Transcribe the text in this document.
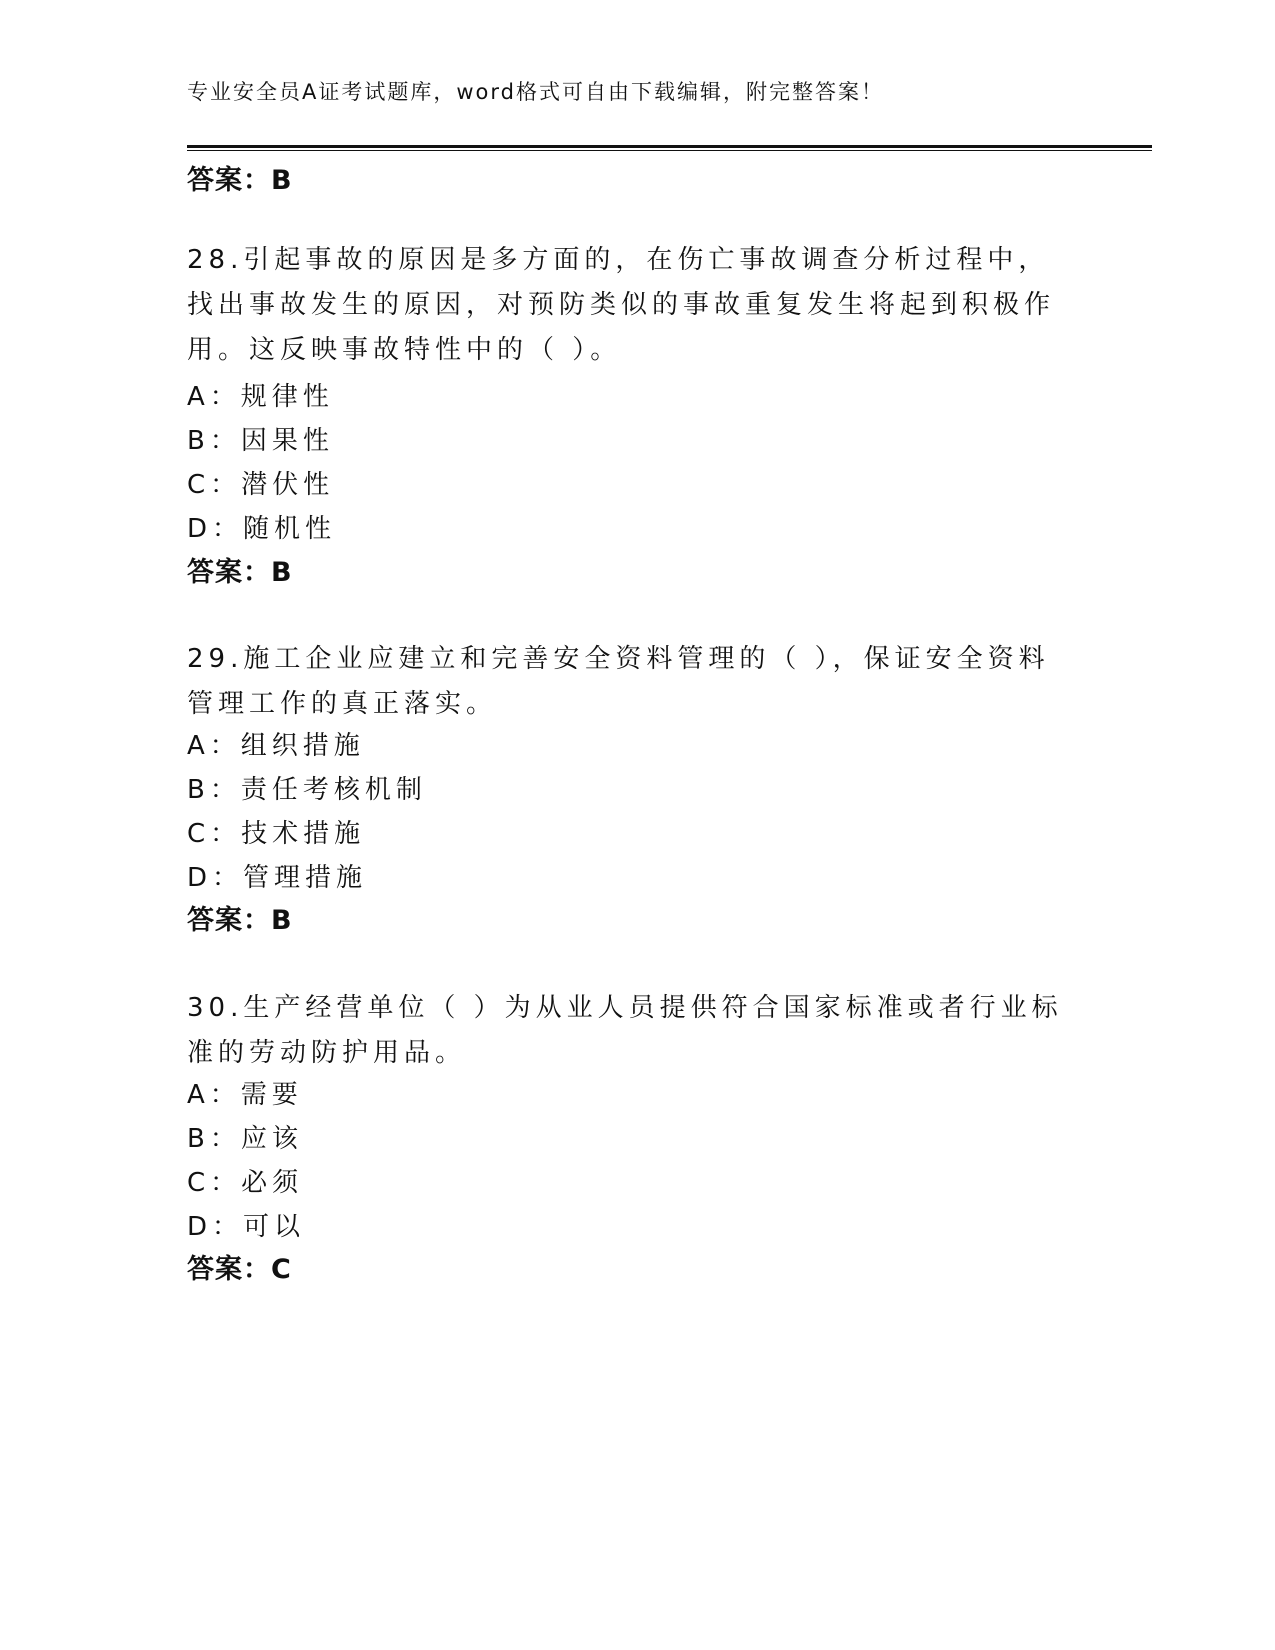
专业安全员A证考试题库，word格式可自由下载编辑，附完整答案！
答案：B
28.引起事故的原因是多方面的，在伤亡事故调查分析过程中，找出事故发生的原因，对预防类似的事故重复发生将起到积极作用。这反映事故特性中的（ ）。
A：规律性
B：因果性
C：潜伏性
D：随机性
答案：B
29.施工企业应建立和完善安全资料管理的（ ），保证安全资料管理工作的真正落实。
A：组织措施
B：责任考核机制
C：技术措施
D：管理措施
答案：B
30.生产经营单位（ ）为从业人员提供符合国家标准或者行业标准的劳动防护用品。
A：需要
B：应该
C：必须
D：可以
答案：C
